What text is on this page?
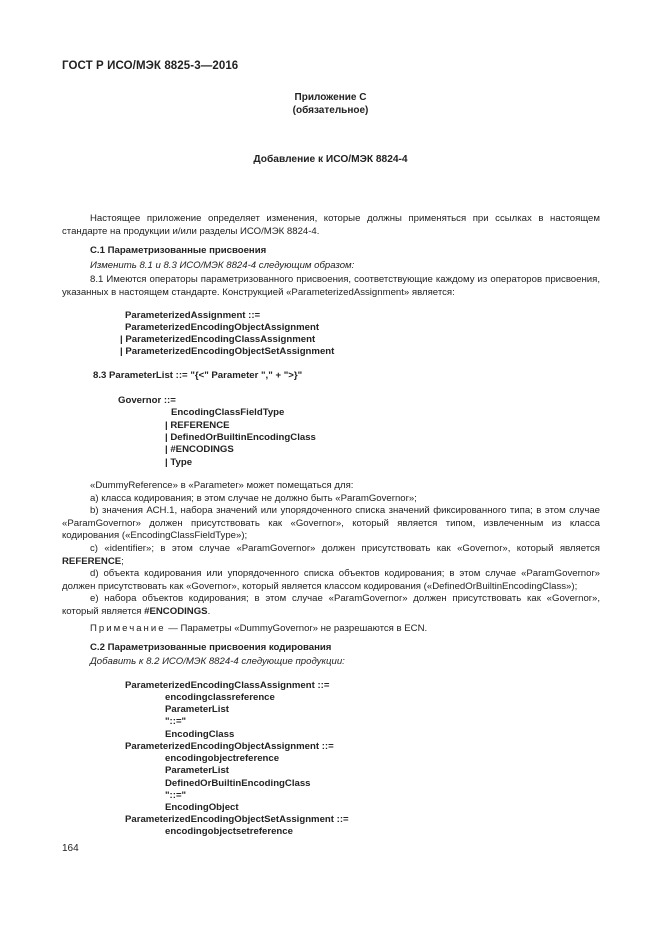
ГОСТ Р ИСО/МЭК 8825-3—2016
Приложение С
(обязательное)
Добавление к ИСО/МЭК 8824-4
Настоящее приложение определяет изменения, которые должны применяться при ссылках в настоящем стандарте на продукции и/или разделы ИСО/МЭК 8824-4.
С.1 Параметризованные присвоения
Изменить 8.1 и 8.3 ИСО/МЭК 8824-4 следующим образом:
8.1 Имеются операторы параметризованного присвоения, соответствующие каждому из операторов присвоения, указанных в настоящем стандарте. Конструкцией «ParameterizedAssignment» является:
ParameterizedAssignment ::=
ParameterizedEncodingObjectAssignment
| ParameterizedEncodingClassAssignment
| ParameterizedEncodingObjectSetAssignment
8.3 ParameterList ::= "{<" Parameter "," + ">}"
Governor ::=
EncodingClassFieldType
| REFERENCE
| DefinedOrBuiltinEncodingClass
| #ENCODINGS
| Type
«DummyReference» в «Parameter» может помещаться для:
а) класса кодирования; в этом случае не должно быть «ParamGovernor»;
b) значения АСН.1, набора значений или упорядоченного списка значений фиксированного типа; в этом случае «ParamGovernor» должен присутствовать как «Governor», который является типом, извлеченным из класса кодирования («EncodingClassFieldType»);
с) «identifier»; в этом случае «ParamGovernor» должен присутствовать как «Governor», который является REFERENCE;
d) объекта кодирования или упорядоченного списка объектов кодирования; в этом случае «ParamGovernor» должен присутствовать как «Governor», который является классом кодирования («DefinedOrBuiltinEncodingClass»);
е) набора объектов кодирования; в этом случае «ParamGovernor» должен присутствовать как «Governor», который является #ENCODINGS.
Примечание — Параметры «DummyGovernor» не разрешаются в ECN.
С.2 Параметризованные присвоения кодирования
Добавить к 8.2 ИСО/МЭК 8824-4 следующие продукции:
ParameterizedEncodingClassAssignment ::=
encodingclassreference
ParameterList
"::="
EncodingClass
ParameterizedEncodingObjectAssignment ::=
encodingobjectreference
ParameterList
DefinedOrBuiltinEncodingClass
"::="
EncodingObject
ParameterizedEncodingObjectSetAssignment ::=
encodingobjectsetreference
164
